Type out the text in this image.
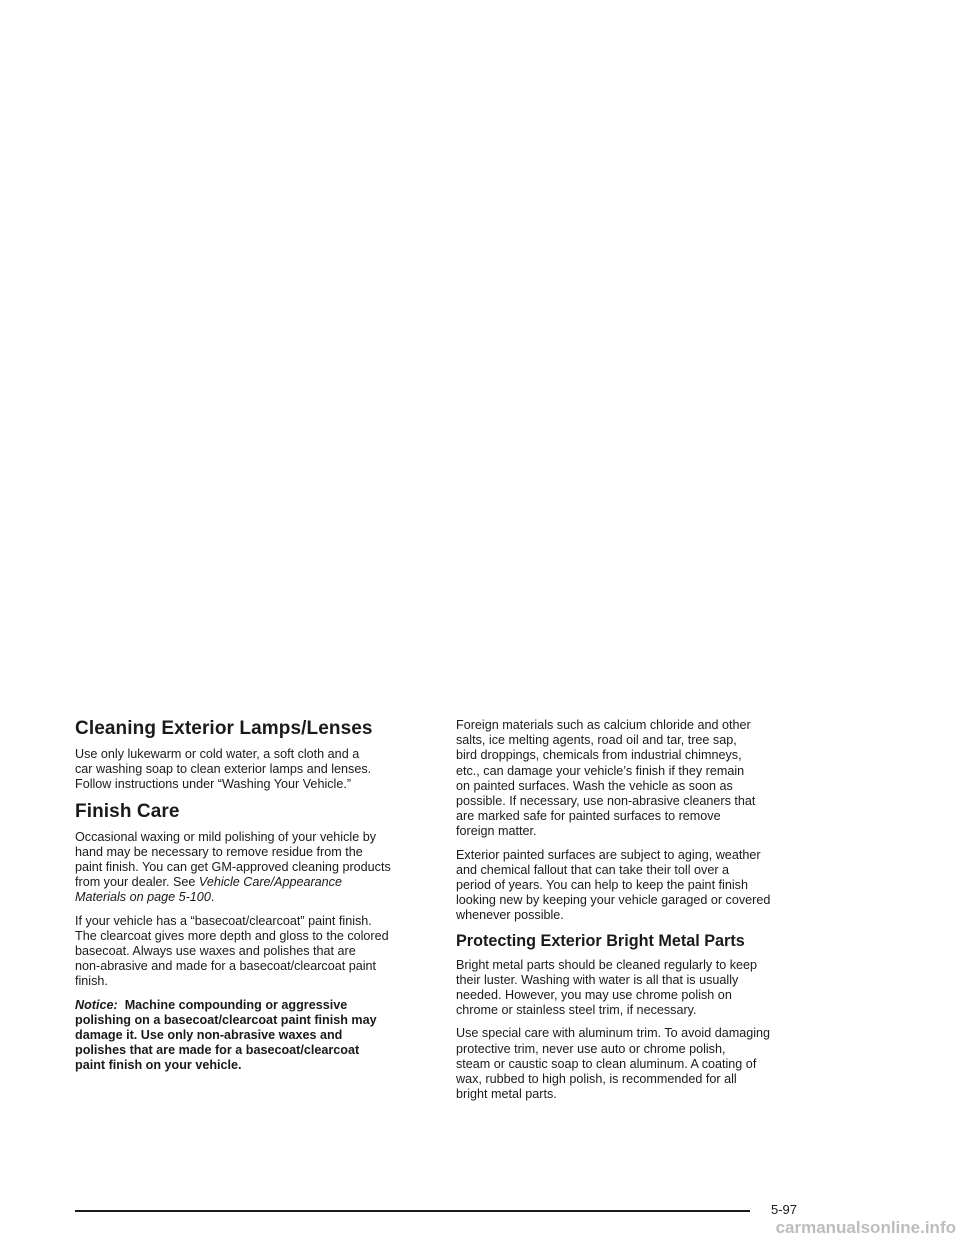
Cleaning Exterior Lamps/Lenses

Use only lukewarm or cold water, a soft cloth and a
car washing soap to clean exterior lamps and lenses.
Follow instructions under “Washing Your Vehicle.”

Finish Care

Occasional waxing or mild polishing of your vehicle by
hand may be necessary to remove residue from the
paint finish. You can get GM-approved cleaning products
from your dealer. See Vehicle Care/Appearance
Materials on page 5-100.

If your vehicle has a “basecoat/clearcoat” paint finish.
The clearcoat gives more depth and gloss to the colored
basecoat. Always use waxes and polishes that are
non-abrasive and made for a basecoat/clearcoat paint
finish.

Notice: Machine compounding or aggressive
polishing on a basecoat/clearcoat paint finish may
damage it. Use only non-abrasive waxes and
polishes that are made for a basecoat/clearcoat
paint finish on your vehicle.

Foreign materials such as calcium chloride and other
salts, ice melting agents, road oil and tar, tree sap,
bird droppings, chemicals from industrial chimneys,
etc., can damage your vehicle’s finish if they remain
on painted surfaces. Wash the vehicle as soon as
possible. If necessary, use non-abrasive cleaners that
are marked safe for painted surfaces to remove
foreign matter.

Exterior painted surfaces are subject to aging, weather
and chemical fallout that can take their toll over a
period of years. You can help to keep the paint finish
looking new by keeping your vehicle garaged or covered
whenever possible.

Protecting Exterior Bright Metal Parts

Bright metal parts should be cleaned regularly to keep
their luster. Washing with water is all that is usually
needed. However, you may use chrome polish on
chrome or stainless steel trim, if necessary.

Use special care with aluminum trim. To avoid damaging
protective trim, never use auto or chrome polish,
steam or caustic soap to clean aluminum. A coating of
wax, rubbed to high polish, is recommended for all
bright metal parts.

5-97
carmanualsonline.info
